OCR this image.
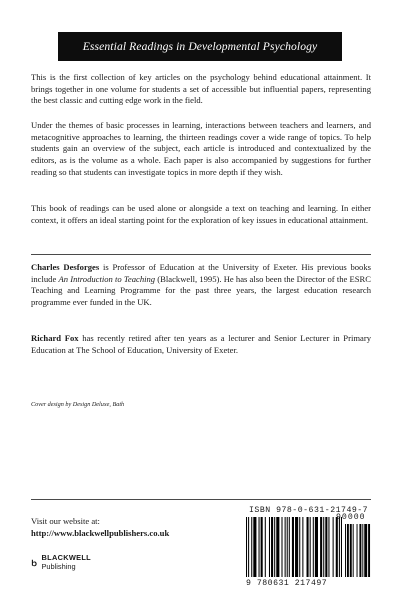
Essential Readings in Developmental Psychology

This is the first collection of key articles on the psychology behind educational attainment. It brings together in one volume for students a set of accessible but influential papers, representing the best classic and cutting edge work in the field.

Under the themes of basic processes in learning, interactions between teachers and learners, and metacognitive approaches to learning, the thirteen readings cover a wide range of topics. To help students gain an overview of the subject, each article is introduced and contextualized by the editors, as is the volume as a whole. Each paper is also accompanied by suggestions for further reading so that students can investigate topics in more depth if they wish.

This book of readings can be used alone or alongside a text on teaching and learning. In either context, it offers an ideal starting point for the exploration of key issues in educational attainment.

Charles Desforges is Professor of Education at the University of Exeter. His previous books include An Introduction to Teaching (Blackwell, 1995). He has also been the Director of the ESRC Teaching and Learning Programme for the past three years, the largest education research programme ever funded in the UK.

Richard Fox has recently retired after ten years as a lecturer and Senior Lecturer in Primary Education at The School of Education, University of Exeter.

Cover design by Design Deluxe, Bath
Visit our website at:
http://www.blackwellpublishers.co.uk
BLACKWELL
Publishing
ISBN 978-0-631-21749-7
90000
9 780631 217497
